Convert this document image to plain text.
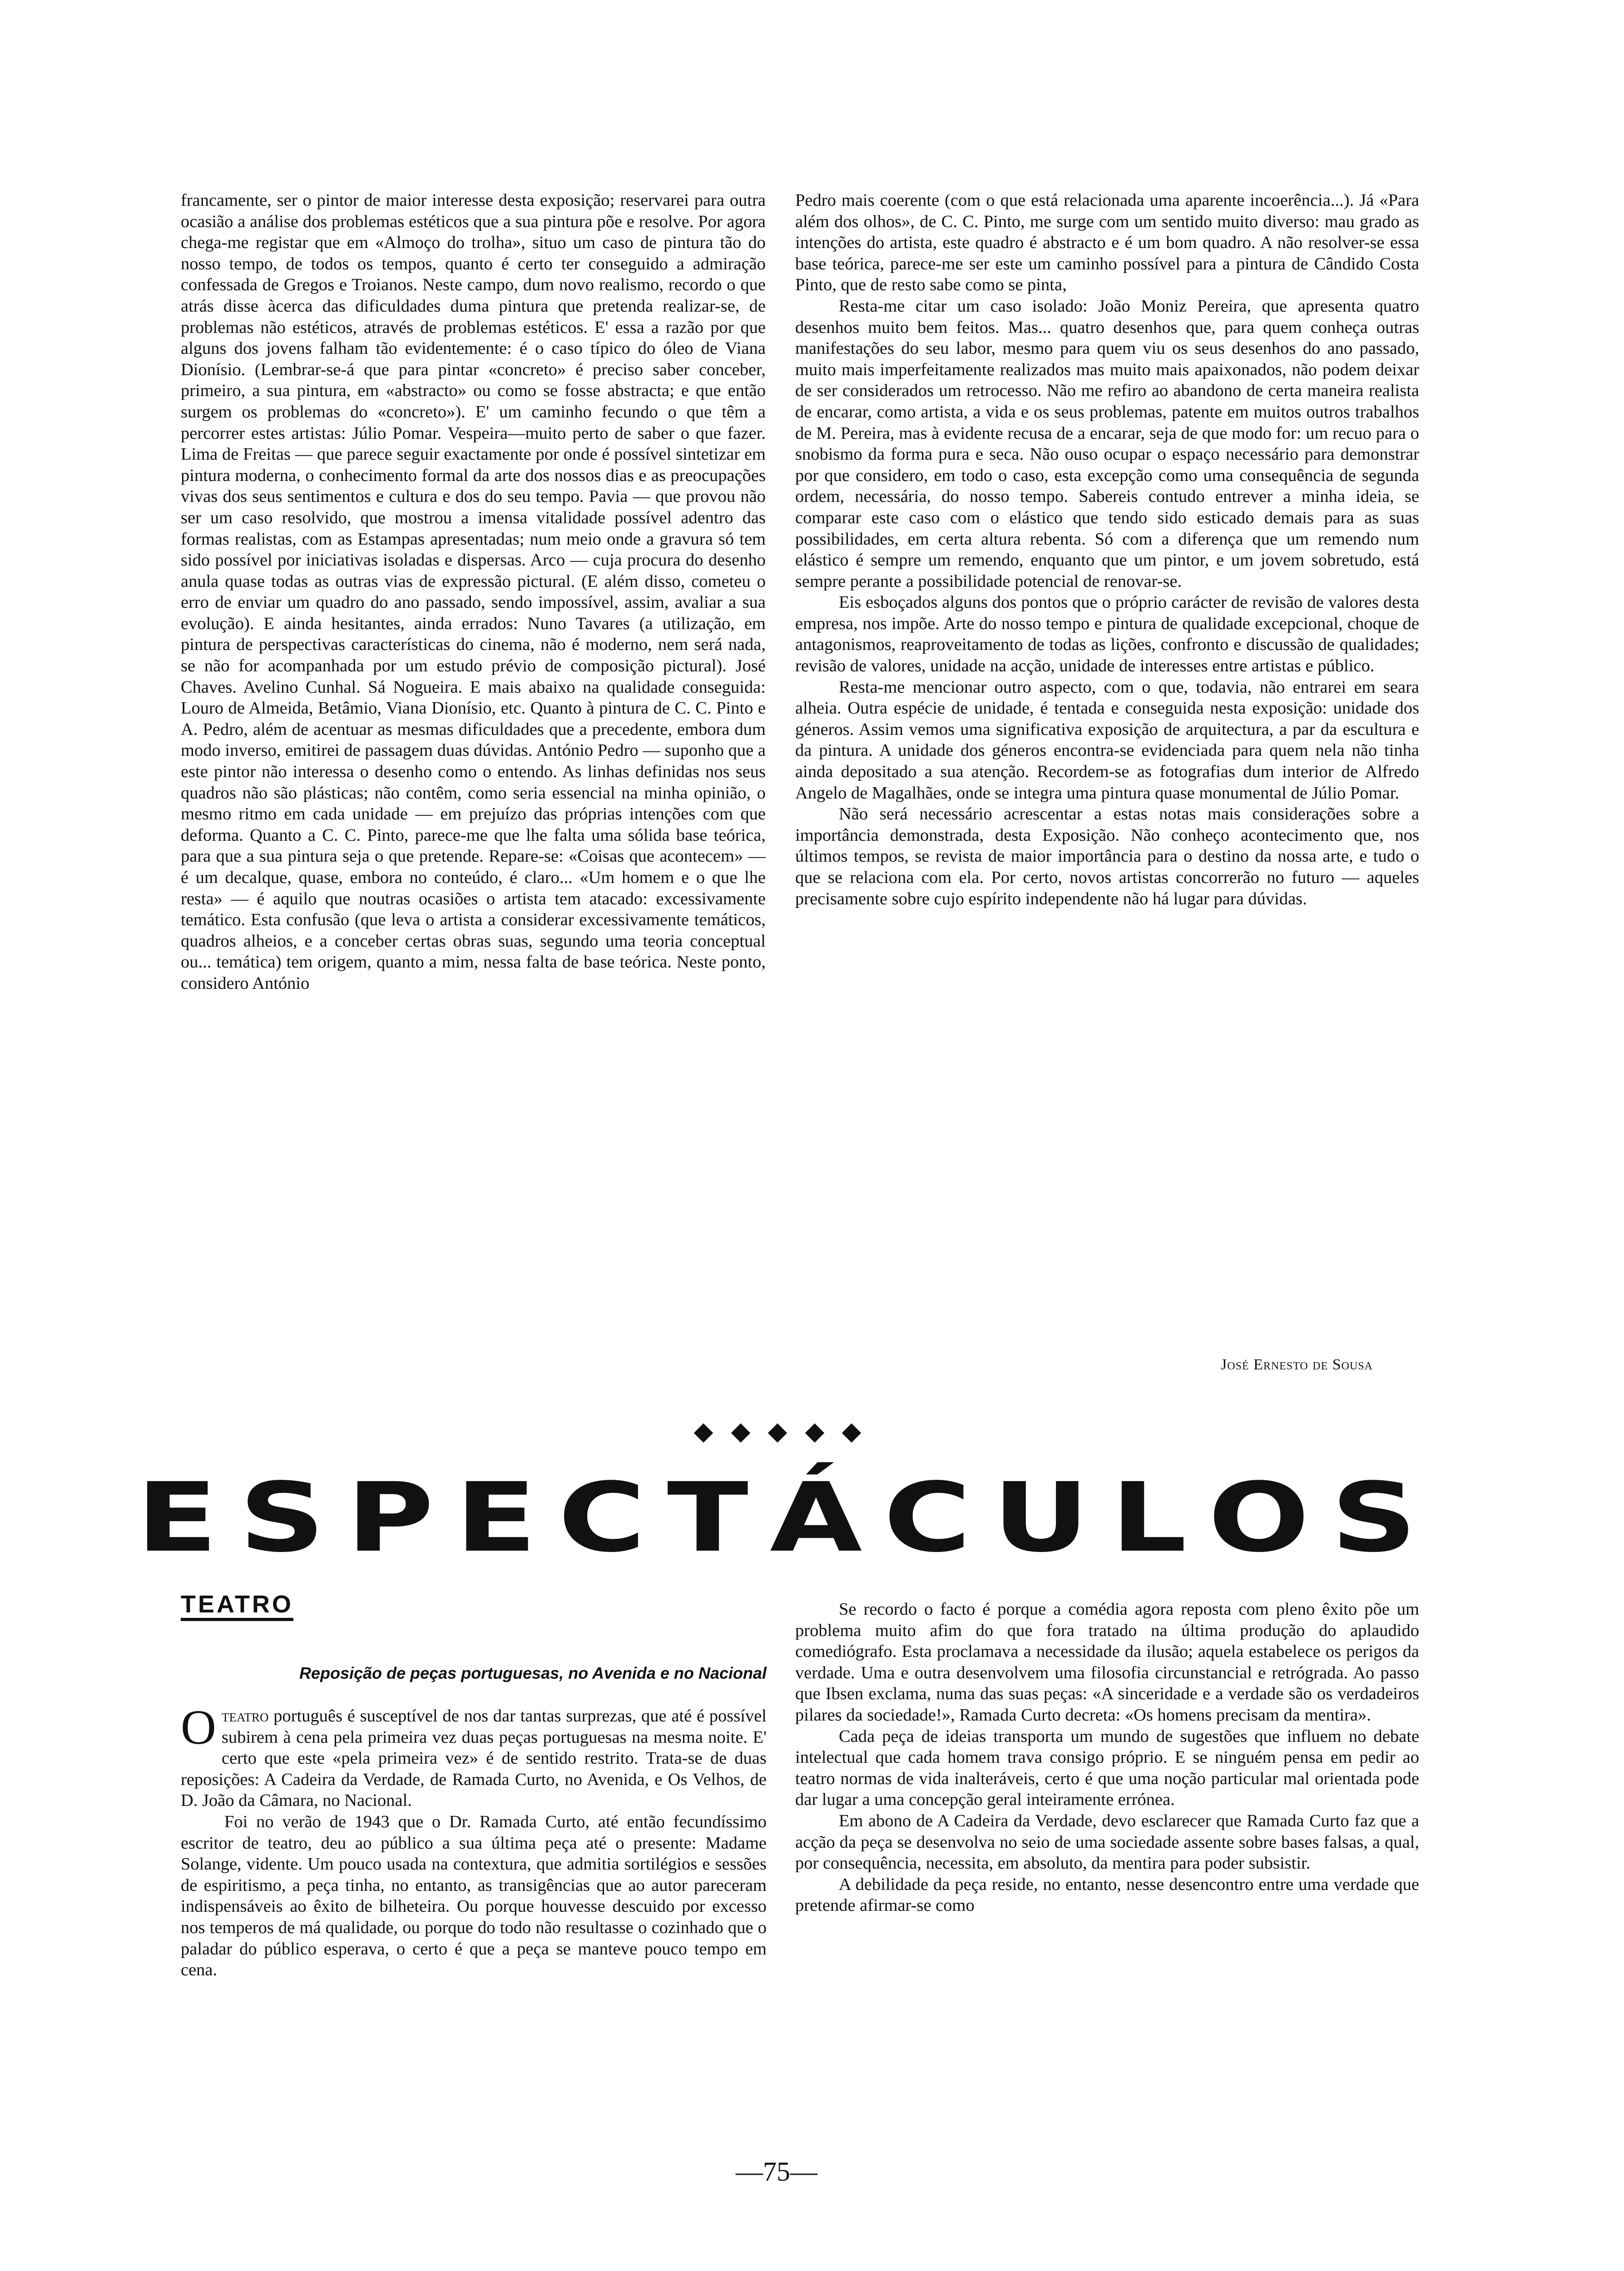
francamente, ser o pintor de maior interesse desta exposição; reservarei para outra ocasião a análise dos problemas estéticos que a sua pintura põe e resolve. Por agora chega-me registar que em «Almoço do trolha», situo um caso de pintura tão do nosso tempo, de todos os tempos, quanto é certo ter conseguido a admiração confessada de Gregos e Troianos. Neste campo, dum novo realismo, recordo o que atrás disse àcerca das dificuldades duma pintura que pretenda realizar-se, de problemas não estéticos, através de problemas estéticos. E' essa a razão por que alguns dos jovens falham tão evidentemente: é o caso típico do óleo de Viana Dionísio. (Lembrar-se-á que para pintar «concreto» é preciso saber conceber, primeiro, a sua pintura, em «abstracto» ou como se fosse abstracta; e que então surgem os problemas do «concreto»). E' um caminho fecundo o que têm a percorrer estes artistas: Júlio Pomar. Vespeira—muito perto de saber o que fazer. Lima de Freitas — que parece seguir exactamente por onde é possível sintetizar em pintura moderna, o conhecimento formal da arte dos nossos dias e as preocupações vivas dos seus sentimentos e cultura e dos do seu tempo. Pavia — que provou não ser um caso resolvido, que mostrou a imensa vitalidade possível adentro das formas realistas, com as Estampas apresentadas; num meio onde a gravura só tem sido possível por iniciativas isoladas e dispersas. Arco — cuja procura do desenho anula quase todas as outras vias de expressão pictural. (E além disso, cometeu o erro de enviar um quadro do ano passado, sendo impossível, assim, avaliar a sua evolução). E ainda hesitantes, ainda errados: Nuno Tavares (a utilização, em pintura de perspectivas características do cinema, não é moderno, nem será nada, se não for acompanhada por um estudo prévio de composição pictural). José Chaves. Avelino Cunhal. Sá Nogueira. E mais abaixo na qualidade conseguida: Louro de Almeida, Betâmio, Viana Dionísio, etc. Quanto à pintura de C. C. Pinto e A. Pedro, além de acentuar as mesmas dificuldades que a precedente, embora dum modo inverso, emitirei de passagem duas dúvidas. António Pedro — suponho que a este pintor não interessa o desenho como o entendo. As linhas definidas nos seus quadros não são plásticas; não contêm, como seria essencial na minha opinião, o mesmo ritmo em cada unidade — em prejuízo das próprias intenções com que deforma. Quanto a C. C. Pinto, parece-me que lhe falta uma sólida base teórica, para que a sua pintura seja o que pretende. Repare-se: «Coisas que acontecem» — é um decalque, quase, embora no conteúdo, é claro... «Um homem e o que lhe resta» — é aquilo que noutras ocasiões o artista tem atacado: excessivamente temático. Esta confusão (que leva o artista a considerar excessivamente temáticos, quadros alheios, e a conceber certas obras suas, segundo uma teoria conceptual ou... temática) tem origem, quanto a mim, nessa falta de base teórica. Neste ponto, considero António

Pedro mais coerente (com o que está relacionada uma aparente incoerência...). Já «Para além dos olhos», de C. C. Pinto, me surge com um sentido muito diverso: mau grado as intenções do artista, este quadro é abstracto e é um bom quadro. A não resolver-se essa base teórica, parece-me ser este um caminho possível para a pintura de Cândido Costa Pinto, que de resto sabe como se pinta,

Resta-me citar um caso isolado: João Moniz Pereira, que apresenta quatro desenhos muito bem feitos. Mas... quatro desenhos que, para quem conheça outras manifestações do seu labor, mesmo para quem viu os seus desenhos do ano passado, muito mais imperfeitamente realizados mas muito mais apaixonados, não podem deixar de ser considerados um retrocesso. Não me refiro ao abandono de certa maneira realista de encarar, como artista, a vida e os seus problemas, patente em muitos outros trabalhos de M. Pereira, mas à evidente recusa de a encarar, seja de que modo for: um recuo para o snobismo da forma pura e seca. Não ouso ocupar o espaço necessário para demonstrar por que considero, em todo o caso, esta excepção como uma consequência de segunda ordem, necessária, do nosso tempo. Sabereis contudo entrever a minha ideia, se comparar este caso com o elástico que tendo sido esticado demais para as suas possibilidades, em certa altura rebenta. Só com a diferença que um remendo num elástico é sempre um remendo, enquanto que um pintor, e um jovem sobretudo, está sempre perante a possibilidade potencial de renovar-se.

Eis esboçados alguns dos pontos que o próprio carácter de revisão de valores desta empresa, nos impõe. Arte do nosso tempo e pintura de qualidade excepcional, choque de antagonismos, reaproveitamento de todas as lições, confronto e discussão de qualidades; revisão de valores, unidade na acção, unidade de interesses entre artistas e público.

Resta-me mencionar outro aspecto, com o que, todavia, não entrarei em seara alheia. Outra espécie de unidade, é tentada e conseguida nesta exposição: unidade dos géneros. Assim vemos uma significativa exposição de arquitectura, a par da escultura e da pintura. A unidade dos géneros encontra-se evidenciada para quem nela não tinha ainda depositado a sua atenção. Recordem-se as fotografias dum interior de Alfredo Angelo de Magalhães, onde se integra uma pintura quase monumental de Júlio Pomar.

Não será necessário acrescentar a estas notas mais considerações sobre a importância demonstrada, desta Exposição. Não conheço acontecimento que, nos últimos tempos, se revista de maior importância para o destino da nossa arte, e tudo o que se relaciona com ela. Por certo, novos artistas concorrerão no futuro — aqueles precisamente sobre cujo espírito independente não há lugar para dúvidas.

José Ernesto de Sousa
E S P E C T Á C U L O S
TEATRO
Reposição de peças portuguesas, no Avenida e no Nacional

Oteatro português é susceptível de nos dar tantas surprezas, que até é possível subirem à cena pela primeira vez duas peças portuguesas na mesma noite. E' certo que este «pela primeira vez» é de sentido restrito. Trata-se de duas reposições: A Cadeira da Verdade, de Ramada Curto, no Avenida, e Os Velhos, de D. João da Câmara, no Nacional.

Foi no verão de 1943 que o Dr. Ramada Curto, até então fecundíssimo escritor de teatro, deu ao público a sua última peça até o presente: Madame Solange, vidente. Um pouco usada na contextura, que admitia sortilégios e sessões de espiritismo, a peça tinha, no entanto, as transigências que ao autor pareceram indispensáveis ao êxito de bilheteira. Ou porque houvesse descuido por excesso nos temperos de má qualidade, ou porque do todo não resultasse o cozinhado que o paladar do público esperava, o certo é que a peça se manteve pouco tempo em cena.

Se recordo o facto é porque a comédia agora reposta com pleno êxito põe um problema muito afim do que fora tratado na última produção do aplaudido comediógrafo. Esta proclamava a necessidade da ilusão; aquela estabelece os perigos da verdade. Uma e outra desenvolvem uma filosofia circunstancial e retrógrada. Ao passo que Ibsen exclama, numa das suas peças: «A sinceridade e a verdade são os verdadeiros pilares da sociedade!», Ramada Curto decreta: «Os homens precisam da mentira».

Cada peça de ideias transporta um mundo de sugestões que influem no debate intelectual que cada homem trava consigo próprio. E se ninguém pensa em pedir ao teatro normas de vida inalteráveis, certo é que uma noção particular mal orientada pode dar lugar a uma concepção geral inteiramente errónea.

Em abono de A Cadeira da Verdade, devo esclarecer que Ramada Curto faz que a acção da peça se desenvolva no seio de uma sociedade assente sobre bases falsas, a qual, por consequência, necessita, em absoluto, da mentira para poder subsistir.

A debilidade da peça reside, no entanto, nesse desencontro entre uma verdade que pretende afirmar-se como

—75—
